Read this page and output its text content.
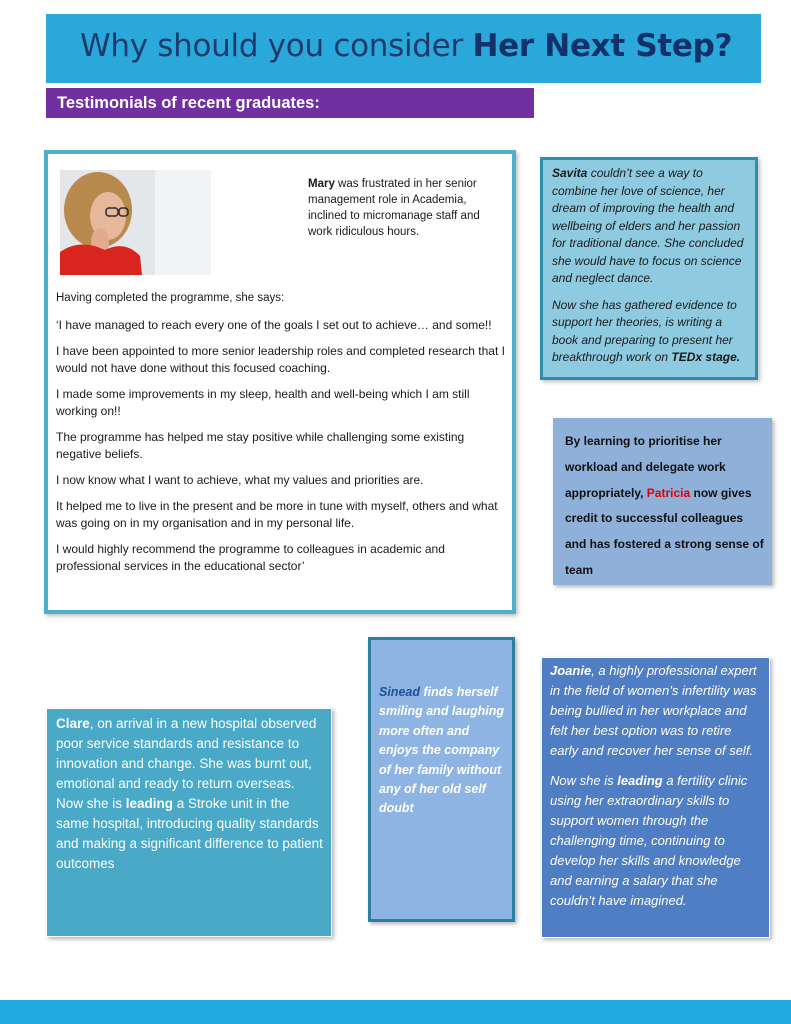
Why should you consider Her Next Step?
Testimonials of recent graduates:
Mary was frustrated in her senior management role in Academia, inclined to micromanage staff and work ridiculous hours.

Having completed the programme, she says:

‘I have managed to reach every one of the goals I set out to achieve… and some!!

I have been appointed to more senior leadership roles and completed research that I would not have done without this focused coaching.

I made some improvements in my sleep, health and well-being which I am still working on!!

The programme has helped me stay positive while challenging some existing negative beliefs.

I now know what I want to achieve, what my values and priorities are.

It helped me to live in the present and be more in tune with myself, others and what was going on in my organisation and in my personal life.

I would highly recommend the programme to colleagues in academic and professional services in the educational sector’

Savita couldn’t see a way to combine her love of science, her dream of improving the health and wellbeing of elders and her passion for traditional dance. She concluded she would have to focus on science and neglect dance.

Now she has gathered evidence to support her theories, is writing a book and preparing to present her breakthrough work on TEDx stage.

By learning to prioritise her workload and delegate work appropriately, Patricia now gives credit to successful colleagues and has fostered a strong sense of team
Sinead finds herself smiling and laughing more often and enjoys the company of her family without any of her old self doubt

Joanie, a highly professional expert in the field of women’s infertility was being bullied in her workplace and felt her best option was to retire early and recover her sense of self.

Now she is leading a fertility clinic using her extraordinary skills to support women through the challenging time, continuing to develop her skills and knowledge and earning a salary that she couldn’t have imagined.

Clare, on arrival in a new hospital observed poor service standards and resistance to innovation and change. She was burnt out, emotional and ready to return overseas. Now she is leading a Stroke unit in the same hospital, introducing quality standards and making a significant difference to patient outcomes
